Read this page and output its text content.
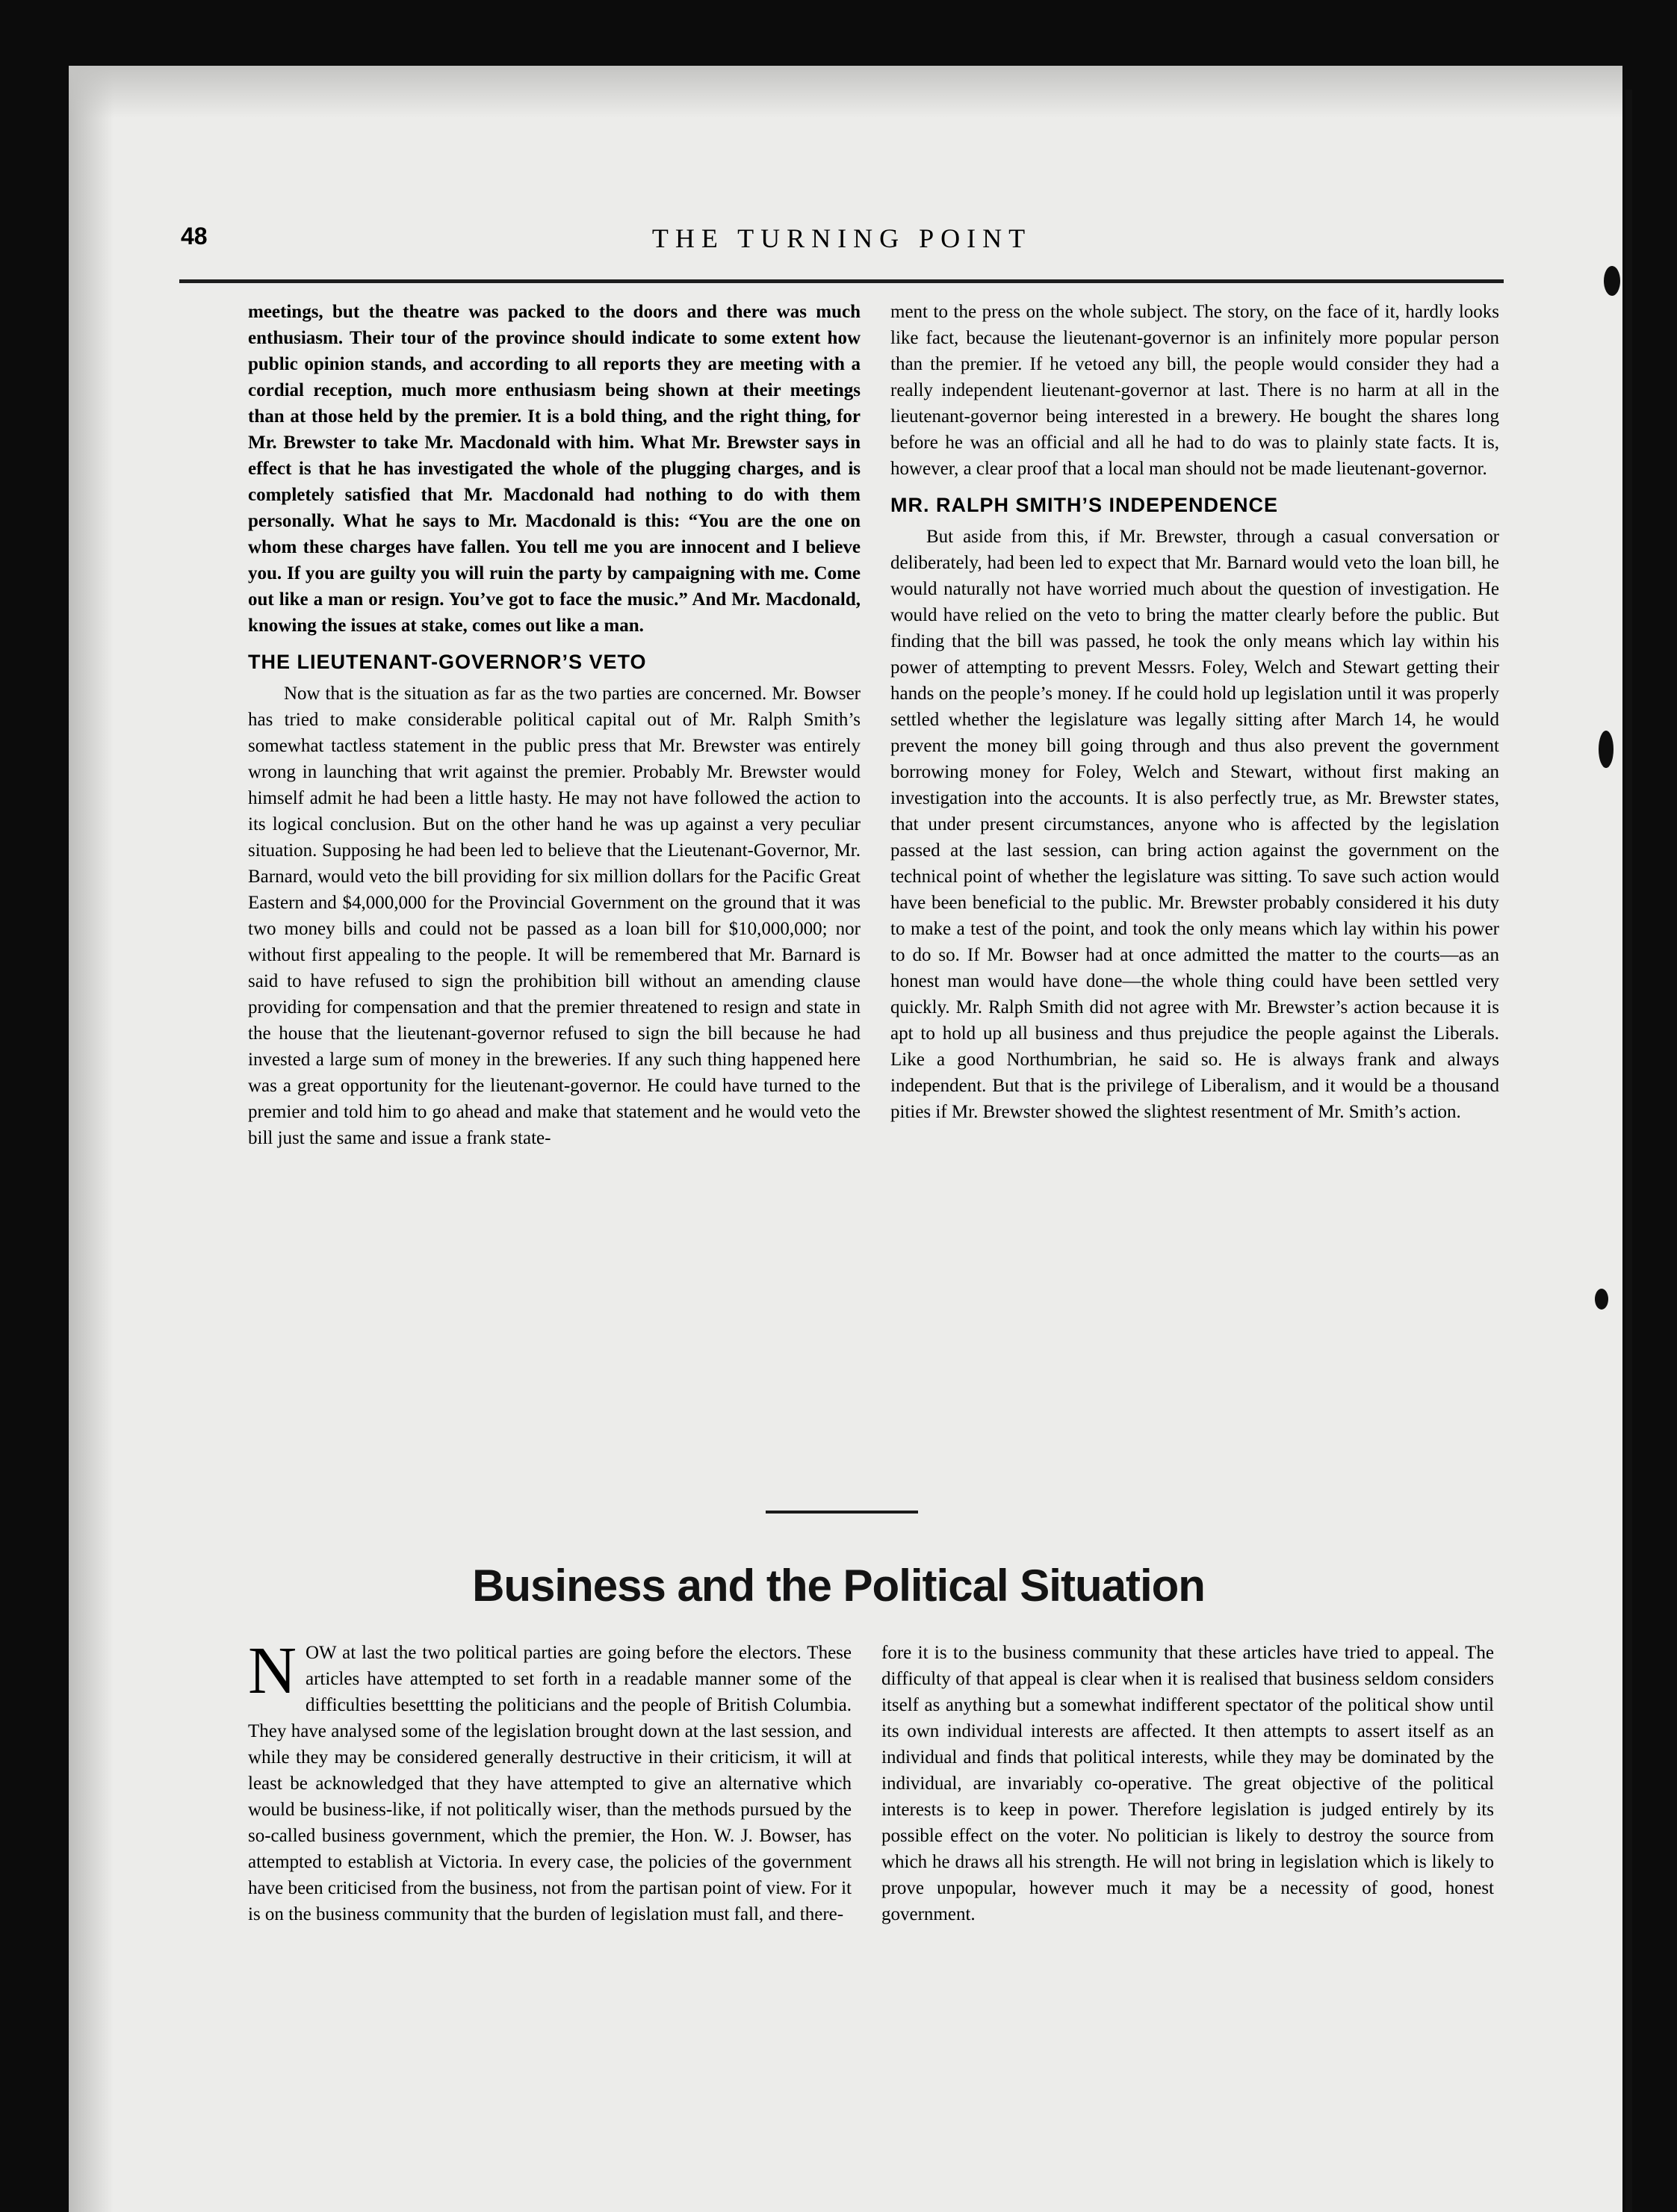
48	THE TURNING POINT

meetings, but the theatre was packed to the doors and there was much enthusiasm. Their tour of the province should indicate to some extent how public opinion stands, and according to all reports they are meeting with a cordial reception, much more enthusiasm being shown at their meetings than at those held by the premier. It is a bold thing, and the right thing, for Mr. Brewster to take Mr. Macdonald with him. What Mr. Brewster says in effect is that he has investigated the whole of the plugging charges, and is completely satisfied that Mr. Macdonald had nothing to do with them personally. What he says to Mr. Macdonald is this: “You are the one on whom these charges have fallen. You tell me you are innocent and I believe you. If you are guilty you will ruin the party by campaigning with me. Come out like a man or resign. You’ve got to face the music.” And Mr. Macdonald, knowing the issues at stake, comes out like a man.

THE LIEUTENANT-GOVERNOR’S VETO

Now that is the situation as far as the two parties are concerned. Mr. Bowser has tried to make considerable political capital out of Mr. Ralph Smith’s somewhat tactless statement in the public press that Mr. Brewster was entirely wrong in launching that writ against the premier. Probably Mr. Brewster would himself admit he had been a little hasty. He may not have followed the action to its logical conclusion. But on the other hand he was up against a very peculiar situation. Supposing he had been led to believe that the Lieutenant-Governor, Mr. Barnard, would veto the bill providing for six million dollars for the Pacific Great Eastern and $4,000,000 for the Provincial Government on the ground that it was two money bills and could not be passed as a loan bill for $10,000,000; nor without first appealing to the people. It will be remembered that Mr. Barnard is said to have refused to sign the prohibition bill without an amending clause providing for compensation and that the premier threatened to resign and state in the house that the lieutenant-governor refused to sign the bill because he had invested a large sum of money in the breweries. If any such thing happened here was a great opportunity for the lieutenant-governor. He could have turned to the premier and told him to go ahead and make that statement and he would veto the bill just the same and issue a frank state-

ment to the press on the whole subject. The story, on the face of it, hardly looks like fact, because the lieutenant-governor is an infinitely more popular person than the premier. If he vetoed any bill, the people would consider they had a really independent lieutenant-governor at last. There is no harm at all in the lieutenant-governor being interested in a brewery. He bought the shares long before he was an official and all he had to do was to plainly state facts. It is, however, a clear proof that a local man should not be made lieutenant-governor.

MR. RALPH SMITH’S INDEPENDENCE

But aside from this, if Mr. Brewster, through a casual conversation or deliberately, had been led to expect that Mr. Barnard would veto the loan bill, he would naturally not have worried much about the question of investigation. He would have relied on the veto to bring the matter clearly before the public. But finding that the bill was passed, he took the only means which lay within his power of attempting to prevent Messrs. Foley, Welch and Stewart getting their hands on the people’s money. If he could hold up legislation until it was properly settled whether the legislature was legally sitting after March 14, he would prevent the money bill going through and thus also prevent the government borrowing money for Foley, Welch and Stewart, without first making an investigation into the accounts. It is also perfectly true, as Mr. Brewster states, that under present circumstances, anyone who is affected by the legislation passed at the last session, can bring action against the government on the technical point of whether the legislature was sitting. To save such action would have been beneficial to the public. Mr. Brewster probably considered it his duty to make a test of the point, and took the only means which lay within his power to do so. If Mr. Bowser had at once admitted the matter to the courts—as an honest man would have done—the whole thing could have been settled very quickly. Mr. Ralph Smith did not agree with Mr. Brewster’s action because it is apt to hold up all business and thus prejudice the people against the Liberals. Like a good Northumbrian, he said so. He is always frank and always independent. But that is the privilege of Liberalism, and it would be a thousand pities if Mr. Brewster showed the slightest resentment of Mr. Smith’s action.

Business and the Political Situation

NOW at last the two political parties are going before the electors. These articles have attempted to set forth in a readable manner some of the difficulties besettting the politicians and the people of British Columbia. They have analysed some of the legislation brought down at the last session, and while they may be considered generally destructive in their criticism, it will at least be acknowledged that they have attempted to give an alternative which would be business-like, if not politically wiser, than the methods pursued by the so-called business government, which the premier, the Hon. W. J. Bowser, has attempted to establish at Victoria. In every case, the policies of the government have been criticised from the business, not from the partisan point of view. For it is on the business community that the burden of legislation must fall, and there-

fore it is to the business community that these articles have tried to appeal. The difficulty of that appeal is clear when it is realised that business seldom considers itself as anything but a somewhat indifferent spectator of the political show until its own individual interests are affected. It then attempts to assert itself as an individual and finds that political interests, while they may be dominated by the individual, are invariably co-operative. The great objective of the political interests is to keep in power. Therefore legislation is judged entirely by its possible effect on the voter. No politician is likely to destroy the source from which he draws all his strength. He will not bring in legislation which is likely to prove unpopular, however much it may be a necessity of good, honest government.
